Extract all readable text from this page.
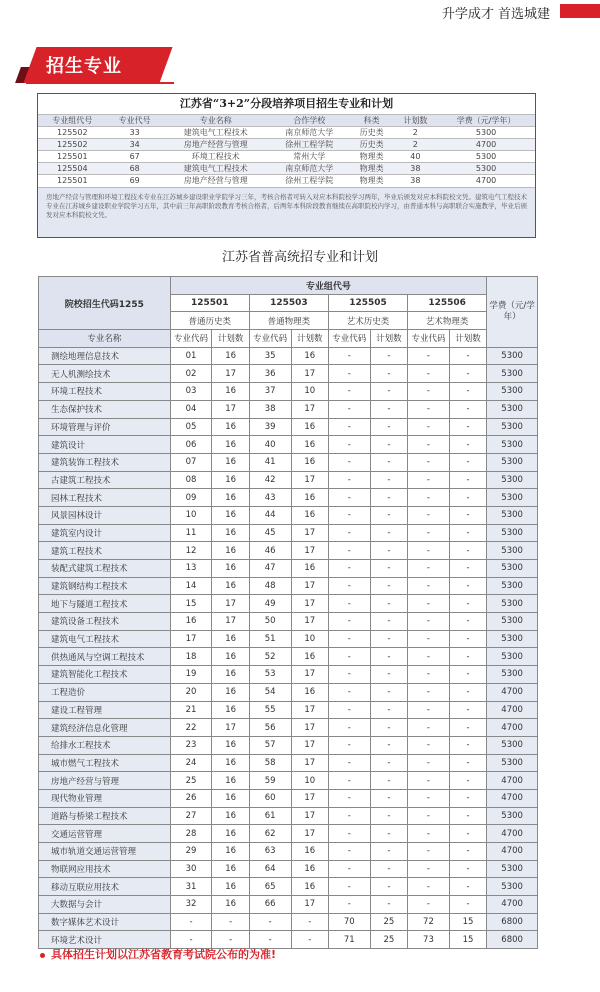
升学成才 首选城建
招生专业
江苏省“3+2”分段培养项目招生专业和计划
专业组代号	专业代号	专业名称	合作学校	科类	计划数	学费（元/学年）
125502	33	建筑电气工程技术	南京师范大学	历史类	2	5300
125502	34	房地产经营与管理	徐州工程学院	历史类	2	4700
125501	67	环境工程技术	常州大学	物理类	40	5300
125504	68	建筑电气工程技术	南京师范大学	物理类	38	5300
125501	69	房地产经营与管理	徐州工程学院	物理类	38	4700
房地产经营与管理和环境工程技术专业在江苏城乡建设职业学院学习三年，考核合格者可转入对应本科院校学习两年，毕业后颁发对应本科院校文凭。建筑电气工程技术专业在江苏城乡建设职业学院学习五年，其中前三年高职阶段教育考核合格者，后两年本科阶段教育继续在高职院校内学习，由普通本科与高职联合实施教学，毕业后颁发对应本科院校文凭。
江苏省普高统招专业和计划
院校招生代码1255	专业组代号								学费（元/学年）
	125501		125503		125505		125506		
	普通历史类		普通物理类		艺术历史类		艺术物理类		
专业名称	专业代码	计划数	专业代码	计划数	专业代码	计划数	专业代码	计划数	
测绘地理信息技术	01	16	35	16	-	-	-	-	5300
无人机测绘技术	02	17	36	17	-	-	-	-	5300
环境工程技术	03	16	37	10	-	-	-	-	5300
生态保护技术	04	17	38	17	-	-	-	-	5300
环境管理与评价	05	16	39	16	-	-	-	-	5300
建筑设计	06	16	40	16	-	-	-	-	5300
建筑装饰工程技术	07	16	41	16	-	-	-	-	5300
古建筑工程技术	08	16	42	17	-	-	-	-	5300
园林工程技术	09	16	43	16	-	-	-	-	5300
风景园林设计	10	16	44	16	-	-	-	-	5300
建筑室内设计	11	16	45	17	-	-	-	-	5300
建筑工程技术	12	16	46	17	-	-	-	-	5300
装配式建筑工程技术	13	16	47	16	-	-	-	-	5300
建筑钢结构工程技术	14	16	48	17	-	-	-	-	5300
地下与隧道工程技术	15	17	49	17	-	-	-	-	5300
建筑设备工程技术	16	17	50	17	-	-	-	-	5300
建筑电气工程技术	17	16	51	10	-	-	-	-	5300
供热通风与空调工程技术	18	16	52	16	-	-	-	-	5300
建筑智能化工程技术	19	16	53	17	-	-	-	-	5300
工程造价	20	16	54	16	-	-	-	-	4700
建设工程管理	21	16	55	17	-	-	-	-	4700
建筑经济信息化管理	22	17	56	17	-	-	-	-	4700
给排水工程技术	23	16	57	17	-	-	-	-	5300
城市燃气工程技术	24	16	58	17	-	-	-	-	5300
房地产经营与管理	25	16	59	10	-	-	-	-	4700
现代物业管理	26	16	60	17	-	-	-	-	4700
道路与桥梁工程技术	27	16	61	17	-	-	-	-	5300
交通运营管理	28	16	62	17	-	-	-	-	4700
城市轨道交通运营管理	29	16	63	16	-	-	-	-	4700
物联网应用技术	30	16	64	16	-	-	-	-	5300
移动互联应用技术	31	16	65	16	-	-	-	-	5300
大数据与会计	32	16	66	17	-	-	-	-	4700
数字媒体艺术设计	-	-	-	-	70	25	72	15	6800
环境艺术设计	-	-	-	-	71	25	73	15	6800
具体招生计划以江苏省教育考试院公布的为准!
